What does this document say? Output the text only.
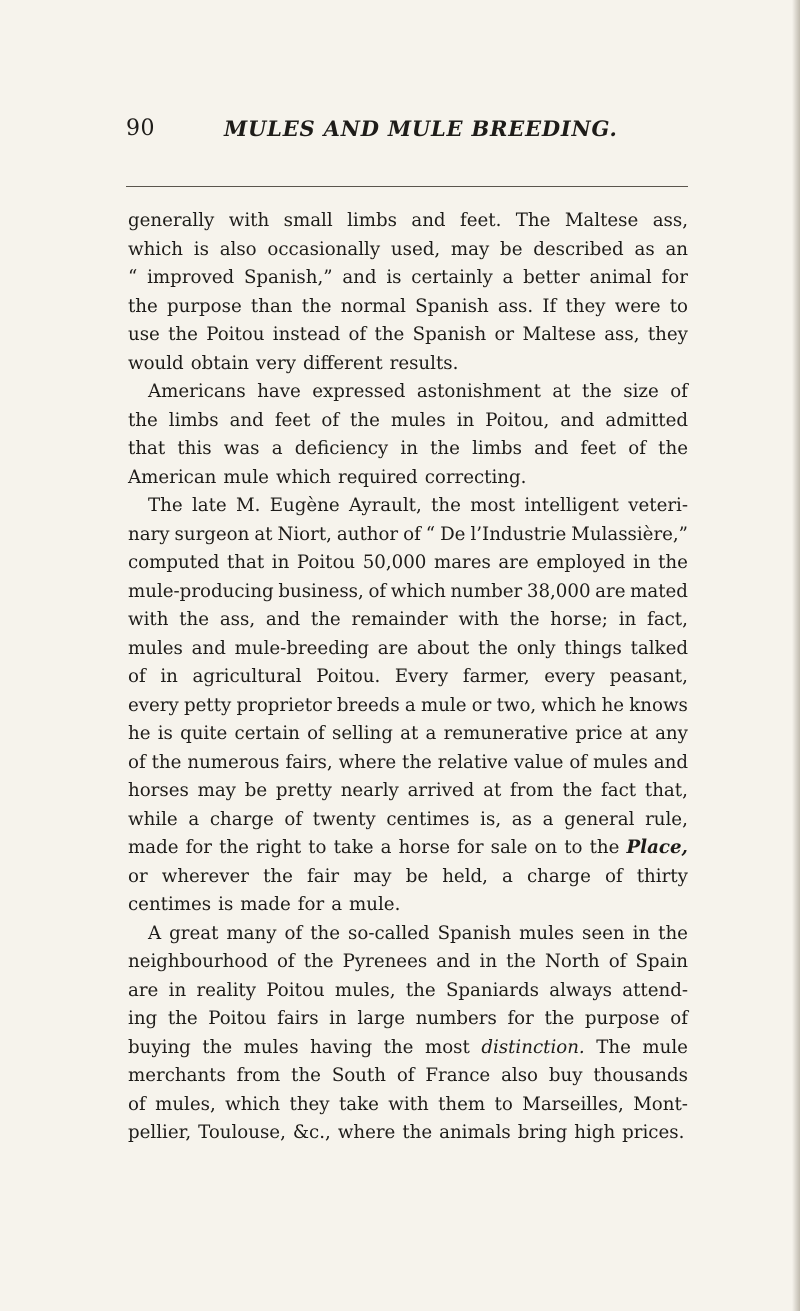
90	MULES AND MULE BREEDING.
generally with small limbs and feet. The Maltese ass,
which is also occasionally used, may be described as an
“ improved Spanish,” and is certainly a better animal for
the purpose than the normal Spanish ass. If they were to
use the Poitou instead of the Spanish or Maltese ass, they
would obtain very different results.
Americans have expressed astonishment at the size of
the limbs and feet of the mules in Poitou, and admitted
that this was a deficiency in the limbs and feet of the
American mule which required correcting.
The late M. Eugène Ayrault, the most intelligent veteri-
nary surgeon at Niort, author of “ De l’Industrie Mulassière,”
computed that in Poitou 50,000 mares are employed in the
mule-producing business, of which number 38,000 are mated
with the ass, and the remainder with the horse; in fact,
mules and mule-breeding are about the only things talked
of in agricultural Poitou. Every farmer, every peasant,
every petty proprietor breeds a mule or two, which he knows
he is quite certain of selling at a remunerative price at any
of the numerous fairs, where the relative value of mules and
horses may be pretty nearly arrived at from the fact that,
while a charge of twenty centimes is, as a general rule,
made for the right to take a horse for sale on to the Place,
or wherever the fair may be held, a charge of thirty
centimes is made for a mule.
A great many of the so-called Spanish mules seen in the
neighbourhood of the Pyrenees and in the North of Spain
are in reality Poitou mules, the Spaniards always attend-
ing the Poitou fairs in large numbers for the purpose of
buying the mules having the most distinction. The mule
merchants from the South of France also buy thousands
of mules, which they take with them to Marseilles, Mont-
pellier, Toulouse, &c., where the animals bring high prices.
